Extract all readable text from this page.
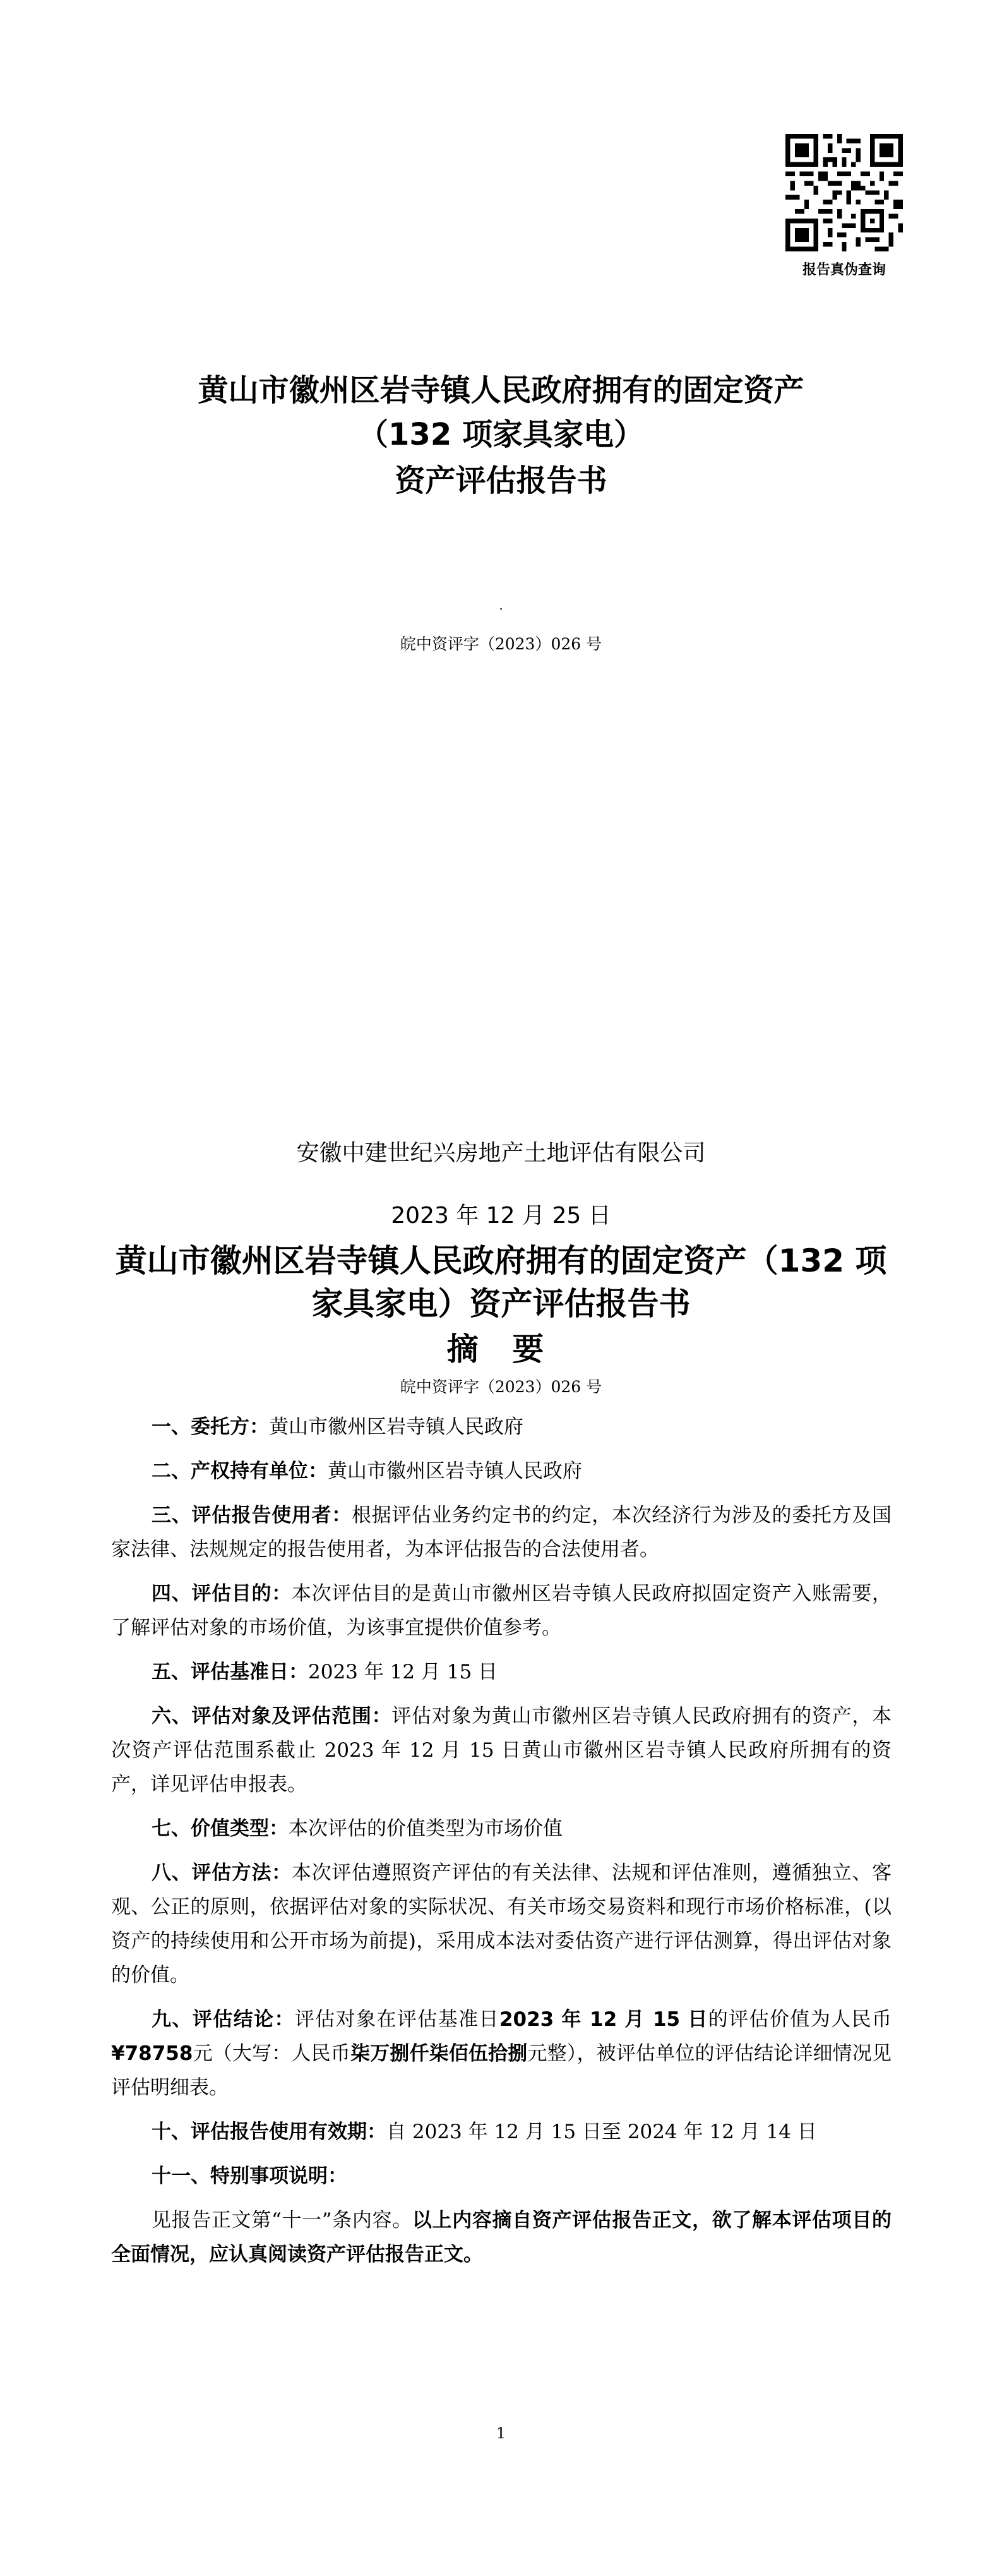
报告真伪查询
黄山市徽州区岩寺镇人民政府拥有的固定资产
（132 项家具家电）
资产评估报告书
.
皖中资评字（2023）026 号
安徽中建世纪兴房地产土地评估有限公司
2023 年 12 月 25 日
黄山市徽州区岩寺镇人民政府拥有的固定资产（132 项家具家电）资产评估报告书
摘 要
皖中资评字（2023）026 号

一、委托方：黄山市徽州区岩寺镇人民政府

二、产权持有单位：黄山市徽州区岩寺镇人民政府

三、评估报告使用者：根据评估业务约定书的约定，本次经济行为涉及的委托方及国家法律、法规规定的报告使用者，为本评估报告的合法使用者。

四、评估目的：本次评估目的是黄山市徽州区岩寺镇人民政府拟固定资产入账需要，了解评估对象的市场价值，为该事宜提供价值参考。

五、评估基准日：2023 年 12 月 15 日

六、评估对象及评估范围：评估对象为黄山市徽州区岩寺镇人民政府拥有的资产，本次资产评估范围系截止 2023 年 12 月 15 日黄山市徽州区岩寺镇人民政府所拥有的资产，详见评估申报表。

七、价值类型：本次评估的价值类型为市场价值

八、评估方法：本次评估遵照资产评估的有关法律、法规和评估准则，遵循独立、客观、公正的原则，依据评估对象的实际状况、有关市场交易资料和现行市场价格标准，(以资产的持续使用和公开市场为前提)，采用成本法对委估资产进行评估测算，得出评估对象的价值。

九、评估结论：评估对象在评估基准日2023 年 12 月 15 日的评估价值为人民币¥78758元（大写：人民币柒万捌仟柒佰伍拾捌元整），被评估单位的评估结论详细情况见评估明细表。

十、评估报告使用有效期：自 2023 年 12 月 15 日至 2024 年 12 月 14 日

十一、特别事项说明：

见报告正文第“十一”条内容。以上内容摘自资产评估报告正文，欲了解本评估项目的全面情况，应认真阅读资产评估报告正文。

1
